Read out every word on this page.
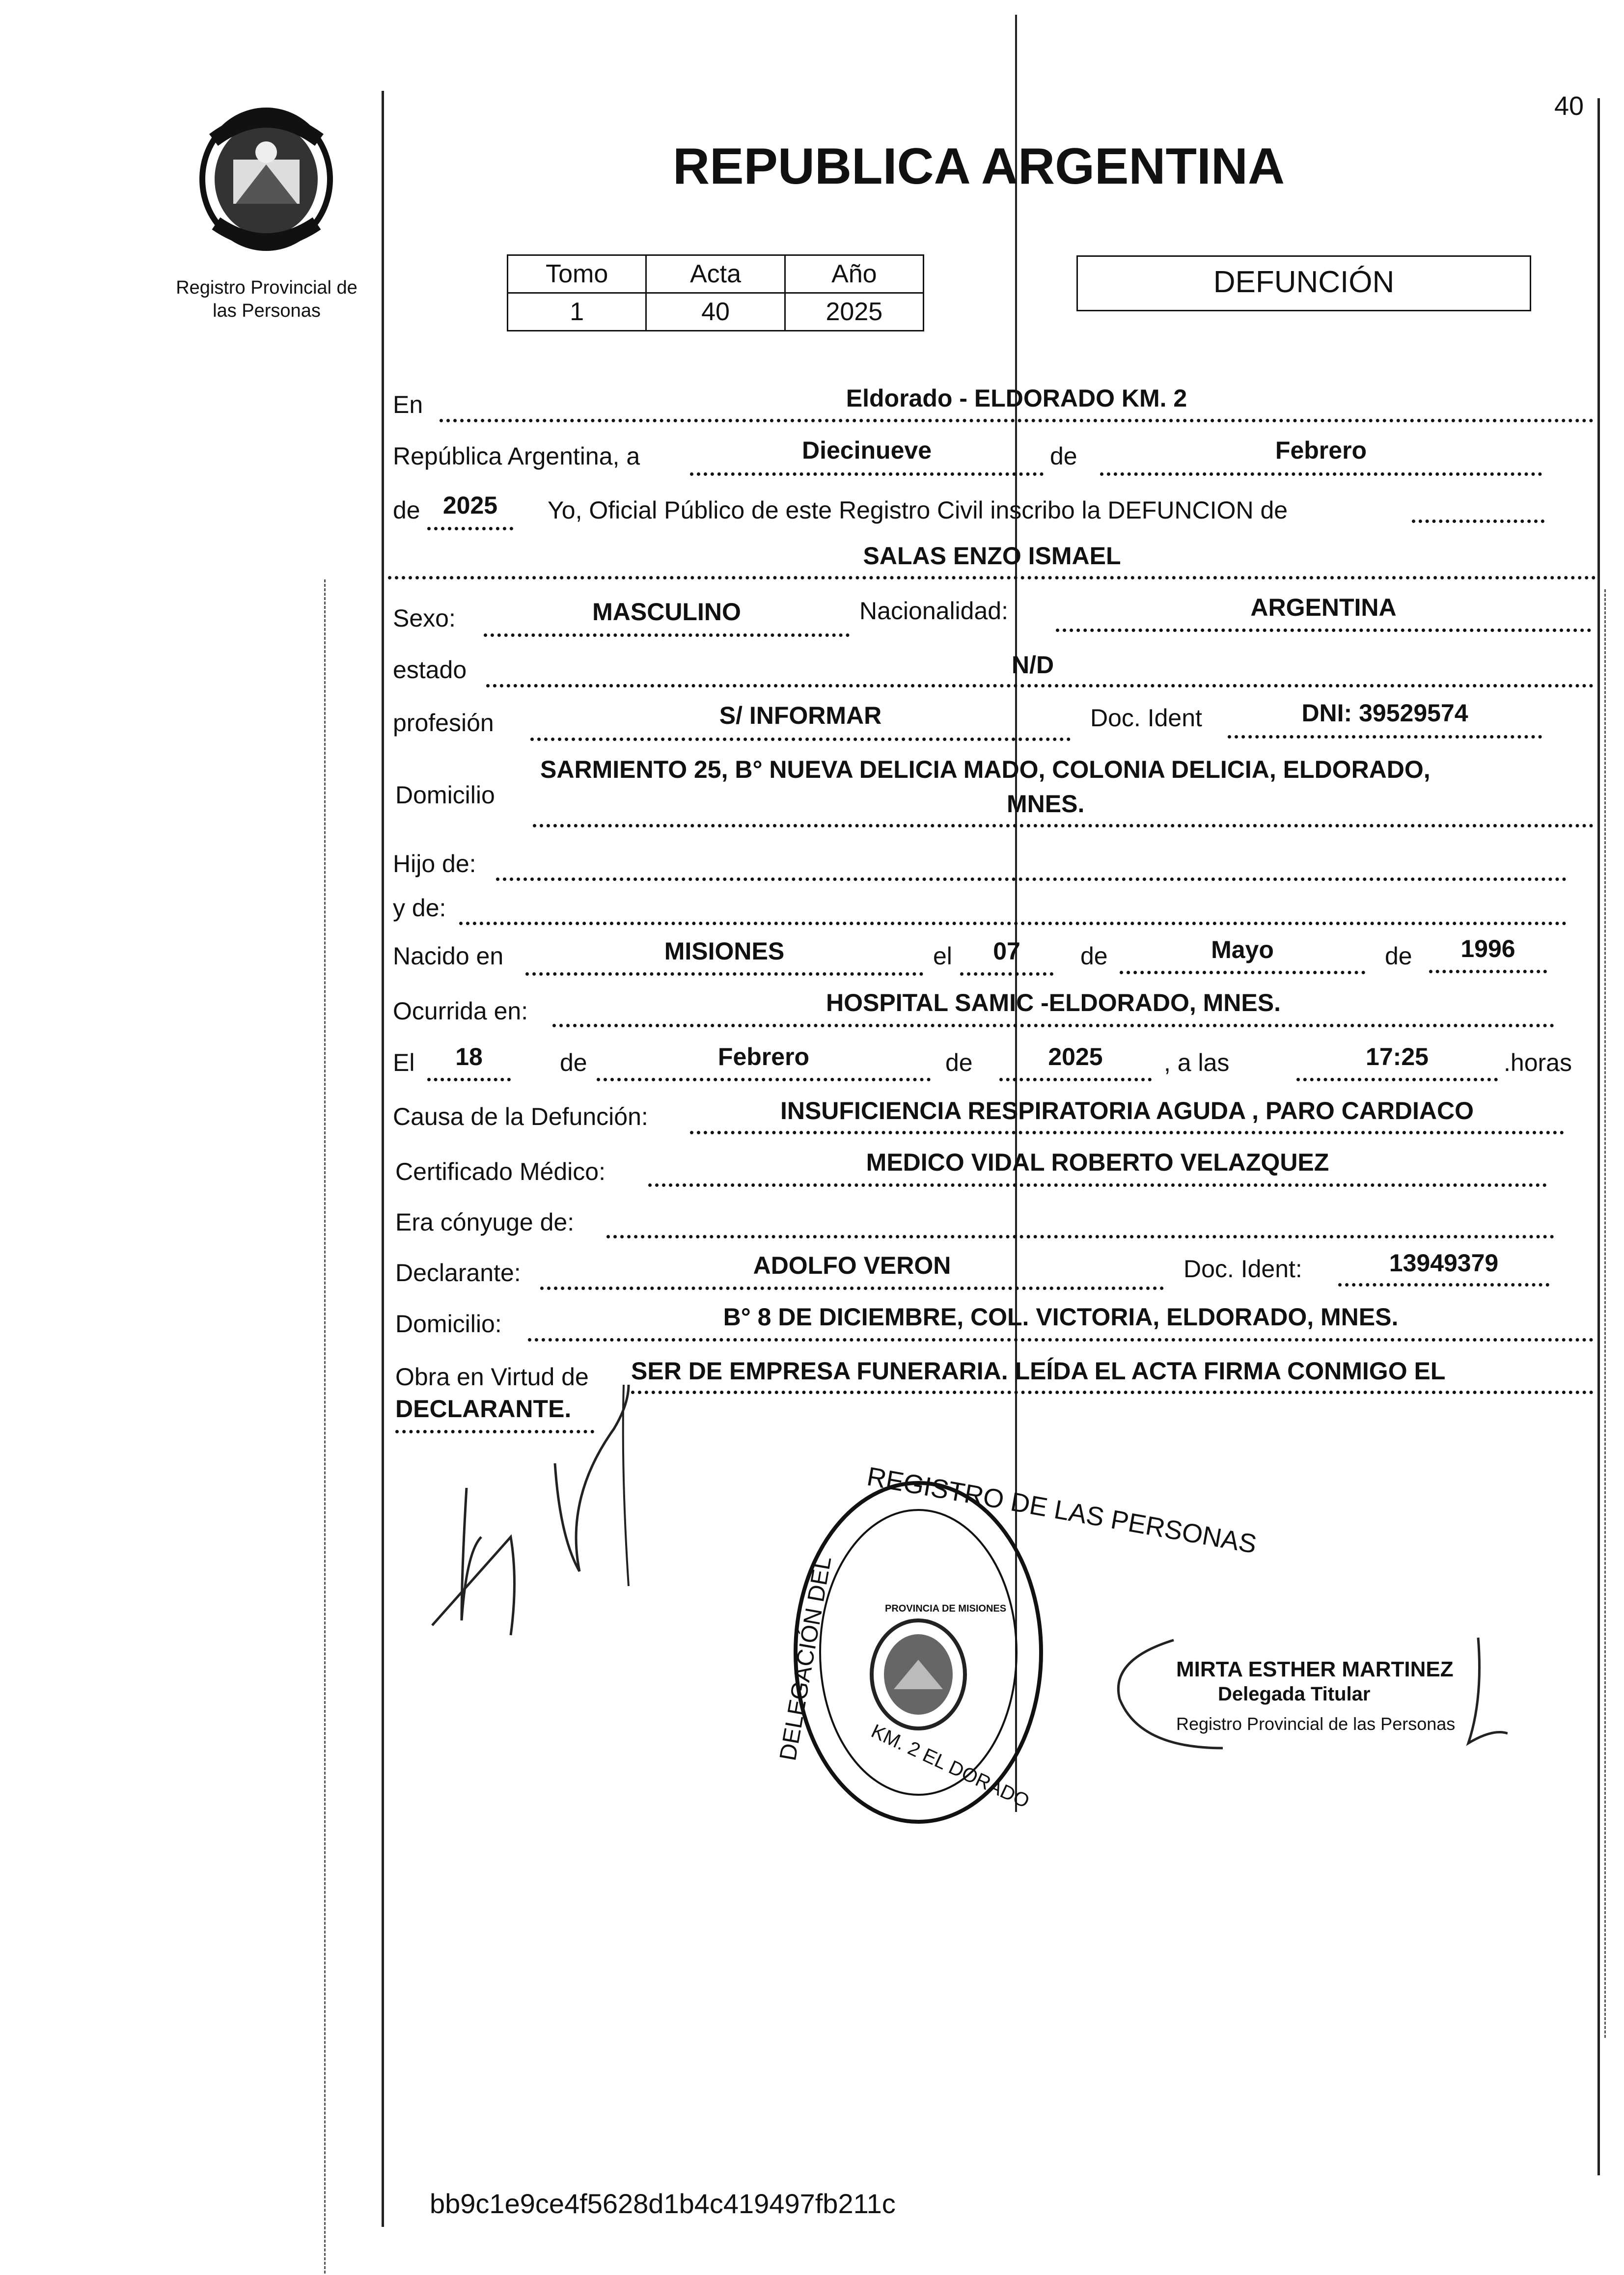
40
Registro Provincial de
las Personas
REPUBLICA ARGENTINA
Tomo	Acta	Año
1	40	2025
DEFUNCIÓN
En	Eldorado - ELDORADO KM. 2
República Argentina, a	Diecinueve	de	Febrero
de 2025	Yo, Oficial Público de este Registro Civil inscribo la DEFUNCION de
SALAS ENZO ISMAEL
Sexo:	MASCULINO	Nacionalidad:	ARGENTINA
estado	N/D
profesión	S/ INFORMAR	Doc. Ident	DNI: 39529574
Domicilio
SARMIENTO 25, B° NUEVA DELICIA MADO, COLONIA DELICIA, ELDORADO,
MNES.
Hijo de:
y de:
Nacido en	MISIONES	el	07	de	Mayo	de	1996
Ocurrida en:	HOSPITAL SAMIC -ELDORADO, MNES.
El	18	de	Febrero	de	2025	, a las	17:25	.horas
Causa de la Defunción:	INSUFICIENCIA RESPIRATORIA AGUDA , PARO CARDIACO
Certificado Médico:	MEDICO VIDAL ROBERTO VELAZQUEZ
Era cónyuge de:
Declarante:	ADOLFO VERON	Doc. Ident:	13949379
Domicilio:	B° 8 DE DICIEMBRE, COL. VICTORIA, ELDORADO, MNES.
Obra en Virtud de SER DE EMPRESA FUNERARIA. LEÍDA EL ACTA FIRMA CONMIGO EL
DECLARANTE.
REGISTRO DE LAS PERSONAS
DELEGACIÓN DEL
KM. 2 EL DORADO
PROVINCIA DE MISIONES
MIRTA ESTHER MARTINEZ
Delegada Titular
Registro Provincial de las Personas
bb9c1e9ce4f5628d1b4c419497fb211c
